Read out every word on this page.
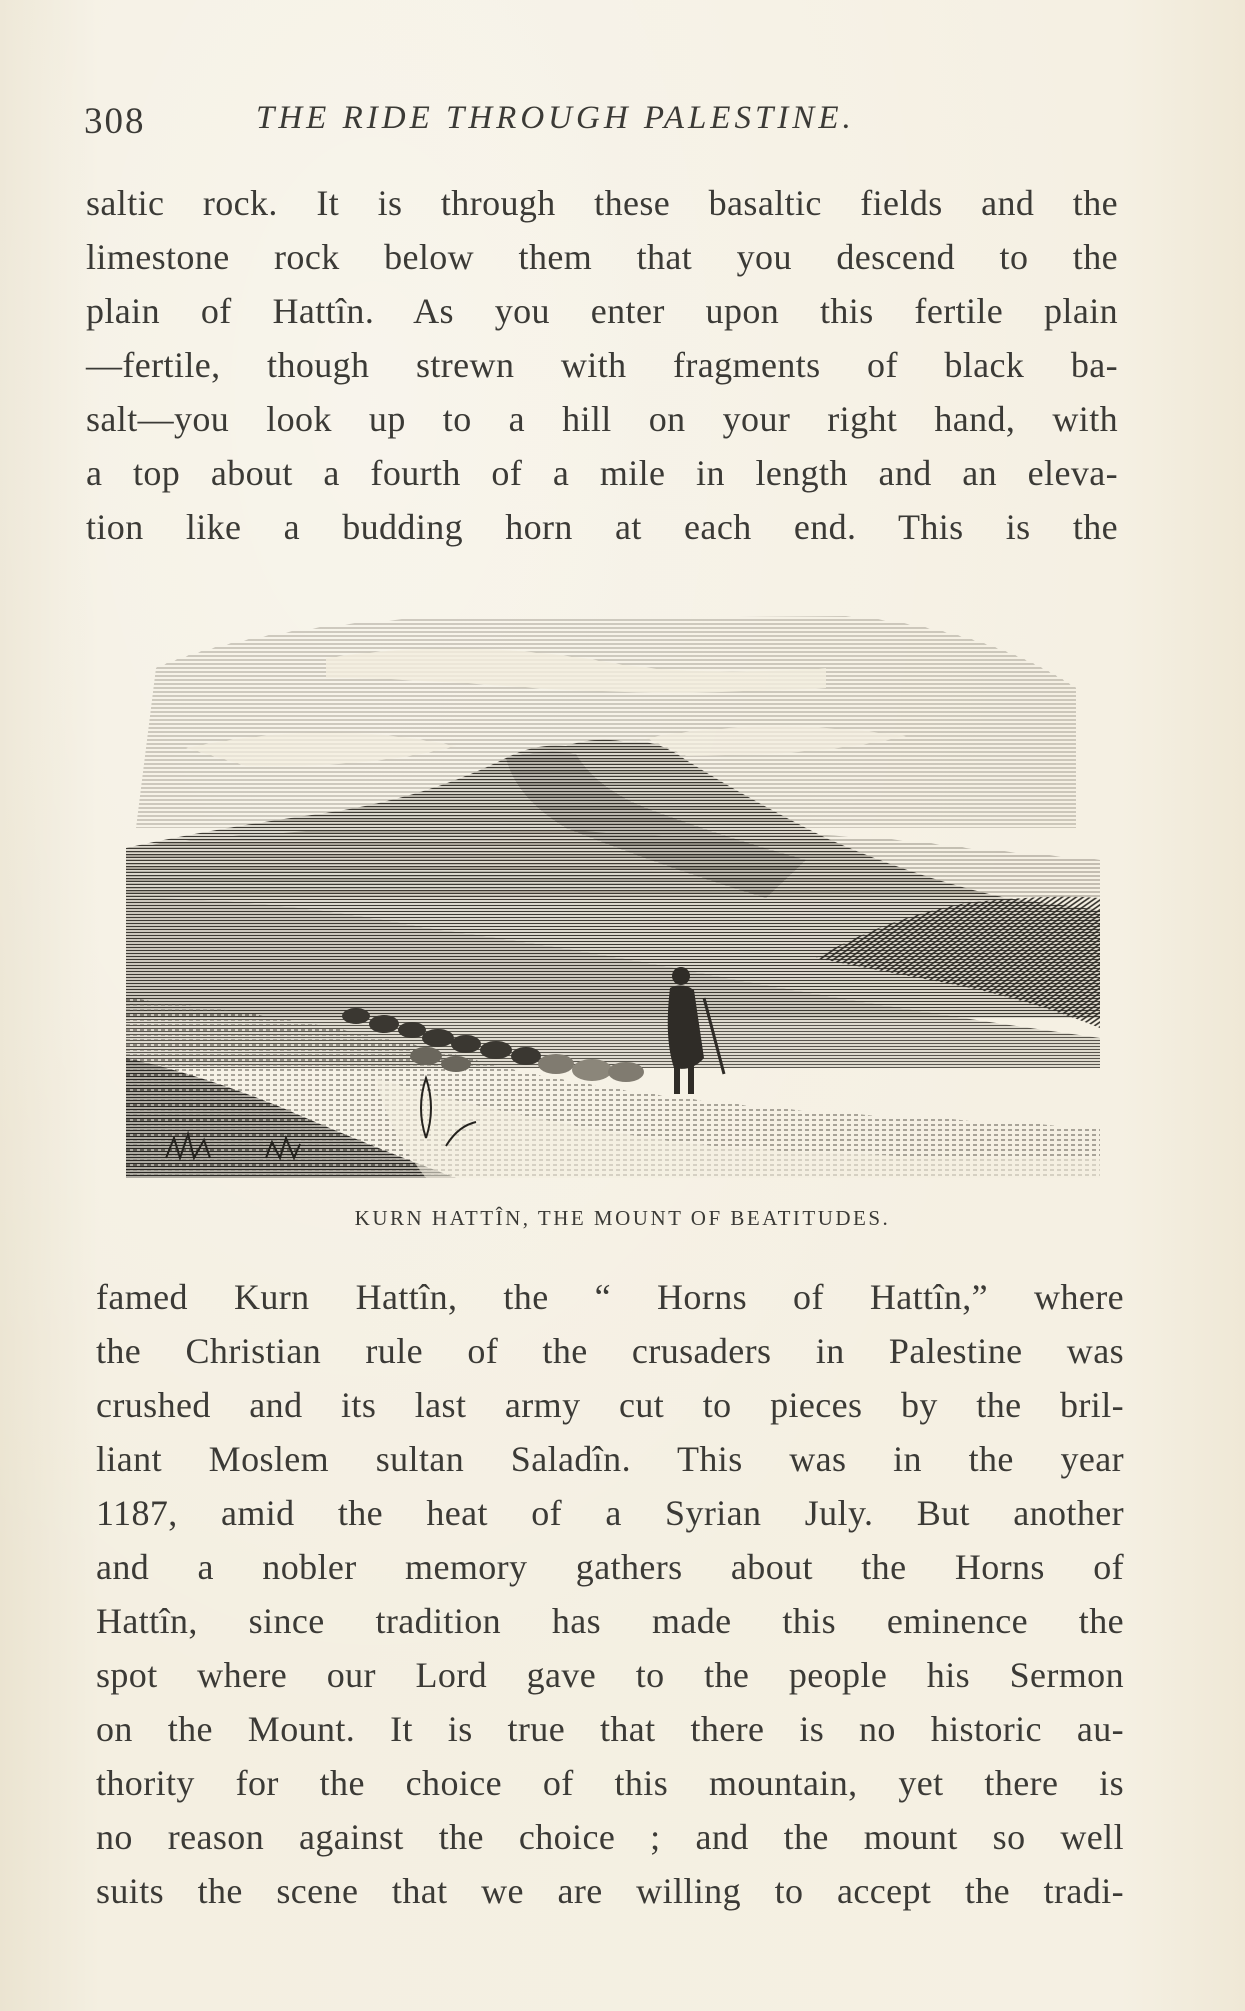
308	THE RIDE THROUGH PALESTINE.
saltic rock. It is through these basaltic fields and the
limestone rock below them that you descend to the
plain of Hattîn. As you enter upon this fertile plain
—fertile, though strewn with fragments of black ba-
salt—you look up to a hill on your right hand, with
a top about a fourth of a mile in length and an eleva-
tion like a budding horn at each end. This is the
KURN HATTÎN, THE MOUNT OF BEATITUDES.
famed Kurn Hattîn, the “ Horns of Hattîn,” where
the Christian rule of the crusaders in Palestine was
crushed and its last army cut to pieces by the bril-
liant Moslem sultan Saladîn. This was in the year
1187, amid the heat of a Syrian July. But another
and a nobler memory gathers about the Horns of
Hattîn, since tradition has made this eminence the
spot where our Lord gave to the people his Sermon
on the Mount. It is true that there is no historic au-
thority for the choice of this mountain, yet there is
no reason against the choice ; and the mount so well
suits the scene that we are willing to accept the tradi-
